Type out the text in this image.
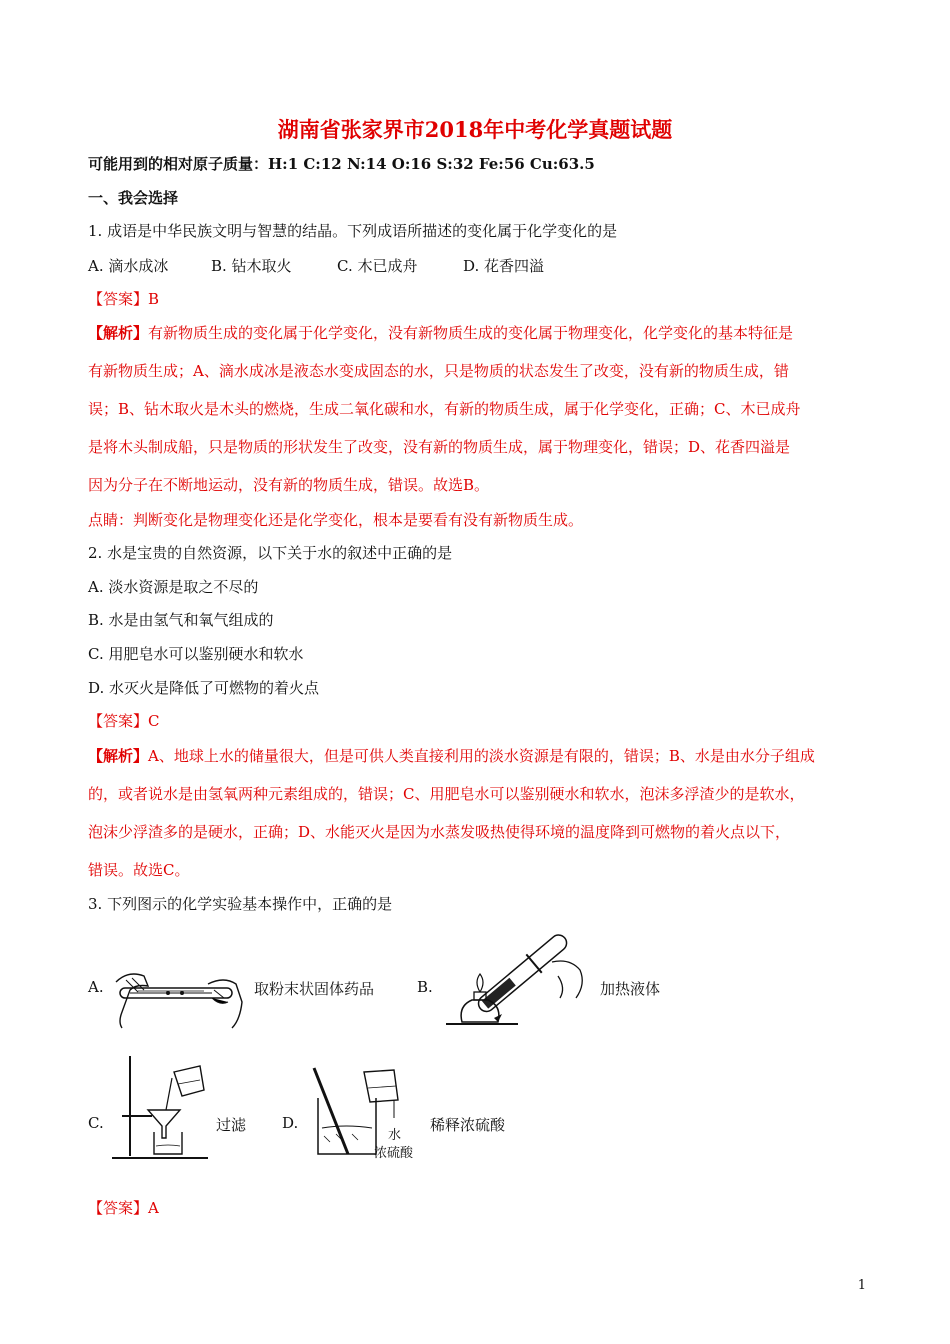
湖南省张家界市2018年中考化学真题试题
可能用到的相对原子质量：H:1 C:12 N:14 O:16 S:32 Fe:56 Cu:63.5
一、我会选择
1. 成语是中华民族文明与智慧的结晶。下列成语所描述的变化属于化学变化的是
A. 滴水成冰	B. 钻木取火	C. 木已成舟	D. 花香四溢
【答案】B
【解析】有新物质生成的变化属于化学变化，没有新物质生成的变化属于物理变化，化学变化的基本特征是
有新物质生成；A、滴水成冰是液态水变成固态的水，只是物质的状态发生了改变，没有新的物质生成，错
误；B、钻木取火是木头的燃烧，生成二氧化碳和水，有新的物质生成，属于化学变化，正确；C、木已成舟
是将木头制成船，只是物质的形状发生了改变，没有新的物质生成，属于物理变化，错误；D、花香四溢是
因为分子在不断地运动，没有新的物质生成，错误。故选B。
点睛：判断变化是物理变化还是化学变化，根本是要看有没有新物质生成。
2. 水是宝贵的自然资源，以下关于水的叙述中正确的是
A. 淡水资源是取之不尽的
B. 水是由氢气和氧气组成的
C. 用肥皂水可以鉴别硬水和软水
D. 水灭火是降低了可燃物的着火点
【答案】C
【解析】A、地球上水的储量很大，但是可供人类直接利用的淡水资源是有限的，错误；B、水是由水分子组成
的，或者说水是由氢氧两种元素组成的，错误；C、用肥皂水可以鉴别硬水和软水，泡沫多浮渣少的是软水，
泡沫少浮渣多的是硬水，正确；D、水能灭火是因为水蒸发吸热使得环境的温度降到可燃物的着火点以下，
错误。故选C。
3. 下列图示的化学实验基本操作中，正确的是
A.	取粉末状固体药品	B.	加热液体
C.	过滤 D.
水
浓硫酸
稀释浓硫酸
【答案】A
1
